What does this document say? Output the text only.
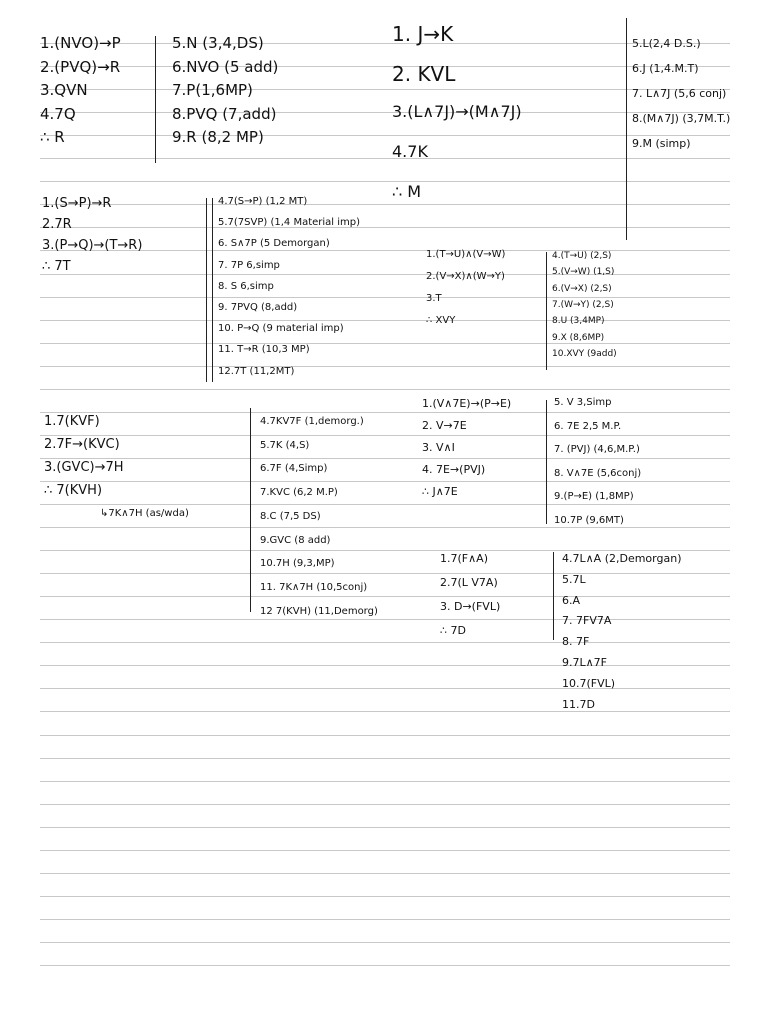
1.(NVO)→P
2.(PVQ)→R
3.QVN
4.7Q
∴ R
5.N (3,4,DS)
6.NVO (5 add)
7.P(1,6MP)
8.PVQ (7,add)
9.R (8,2 MP)
1. J→K
2. KVL
3.(L∧7J)→(M∧7J)
4.7K
∴ M
5.L(2,4 D.S.)
6.J (1,4.M.T)
7. L∧7J (5,6 conj)
8.(M∧7J) (3,7M.T.)
9.M (simp)
1.(S→P)→R
2.7R
3.(P→Q)→(T→R)
∴ 7T
4.7(S→P) (1,2 MT)
5.7(7SVP) (1,4 Material imp)
6. S∧7P (5 Demorgan)
7. 7P 6,simp
8. S 6,simp
9. 7PVQ (8,add)
10. P→Q (9 material imp)
11. T→R (10,3 MP)
12.7T (11,2MT)
1.(T→U)∧(V→W)
2.(V→X)∧(W→Y)
3.T
∴ XVY
4.(T→U) (2,S)
5.(V→W) (1,S)
6.(V→X) (2,S)
7.(W→Y) (2,S)
8.U (3,4MP)
9.X (8,6MP)
10.XVY (9add)
1.7(KVF)
2.7F→(KVC)
3.(GVC)→7H
∴ 7(KVH)
4.7KV7F (1,demorg.)
5.7K (4,S)
6.7F (4,Simp)
7.KVC (6,2 M.P)
8.C (7,5 DS)
9.GVC (8 add)
10.7H (9,3,MP)
11. 7K∧7H (10,5conj)
12 7(KVH) (11,Demorg)
↳7K∧7H (as/wda)
1.(V∧7E)→(P→E)
2. V→7E
3. V∧I
4. 7E→(PVJ)
∴ J∧7E
5. V 3,Simp
6. 7E 2,5 M.P.
7. (PVJ) (4,6,M.P.)
8. V∧7E (5,6conj)
9.(P→E) (1,8MP)
10.7P (9,6MT)
1.7(F∧A)
2.7(L V7A)
3. D→(FVL)
∴ 7D
4.7L∧A (2,Demorgan)
5.7L
6.A
7. 7FV7A
8. 7F
9.7L∧7F
10.7(FVL)
11.7D
